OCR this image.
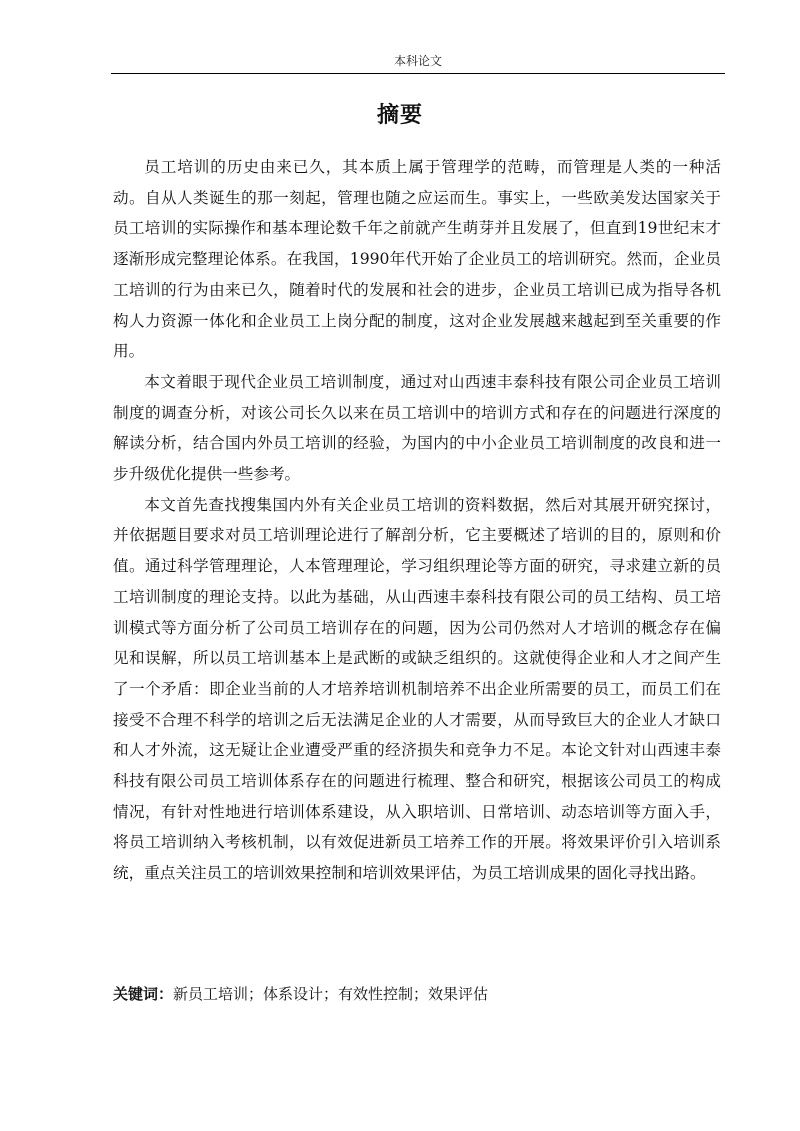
本科论文
摘要

员工培训的历史由来已久，其本质上属于管理学的范畴，而管理是人类的一种活动。自从人类诞生的那一刻起，管理也随之应运而生。事实上，一些欧美发达国家关于员工培训的实际操作和基本理论数千年之前就产生萌芽并且发展了，但直到19世纪末才逐渐形成完整理论体系。在我国，1990年代开始了企业员工的培训研究。然而，企业员工培训的行为由来已久，随着时代的发展和社会的进步，企业员工培训已成为指导各机构人力资源一体化和企业员工上岗分配的制度，这对企业发展越来越起到至关重要的作用。

本文着眼于现代企业员工培训制度，通过对山西速丰泰科技有限公司企业员工培训制度的调查分析，对该公司长久以来在员工培训中的培训方式和存在的问题进行深度的解读分析，结合国内外员工培训的经验，为国内的中小企业员工培训制度的改良和进一步升级优化提供一些参考。

本文首先查找搜集国内外有关企业员工培训的资料数据，然后对其展开研究探讨，并依据题目要求对员工培训理论进行了解剖分析，它主要概述了培训的目的，原则和价值。通过科学管理理论，人本管理理论，学习组织理论等方面的研究，寻求建立新的员工培训制度的理论支持。以此为基础，从山西速丰泰科技有限公司的员工结构、员工培训模式等方面分析了公司员工培训存在的问题，因为公司仍然对人才培训的概念存在偏见和误解，所以员工培训基本上是武断的或缺乏组织的。这就使得企业和人才之间产生了一个矛盾：即企业当前的人才培养培训机制培养不出企业所需要的员工，而员工们在接受不合理不科学的培训之后无法满足企业的人才需要，从而导致巨大的企业人才缺口和人才外流，这无疑让企业遭受严重的经济损失和竞争力不足。本论文针对山西速丰泰科技有限公司员工培训体系存在的问题进行梳理、整合和研究，根据该公司员工的构成情况，有针对性地进行培训体系建设，从入职培训、日常培训、动态培训等方面入手，将员工培训纳入考核机制，以有效促进新员工培养工作的开展。将效果评价引入培训系统，重点关注员工的培训效果控制和培训效果评估，为员工培训成果的固化寻找出路。

关键词：新员工培训；体系设计；有效性控制；效果评估
